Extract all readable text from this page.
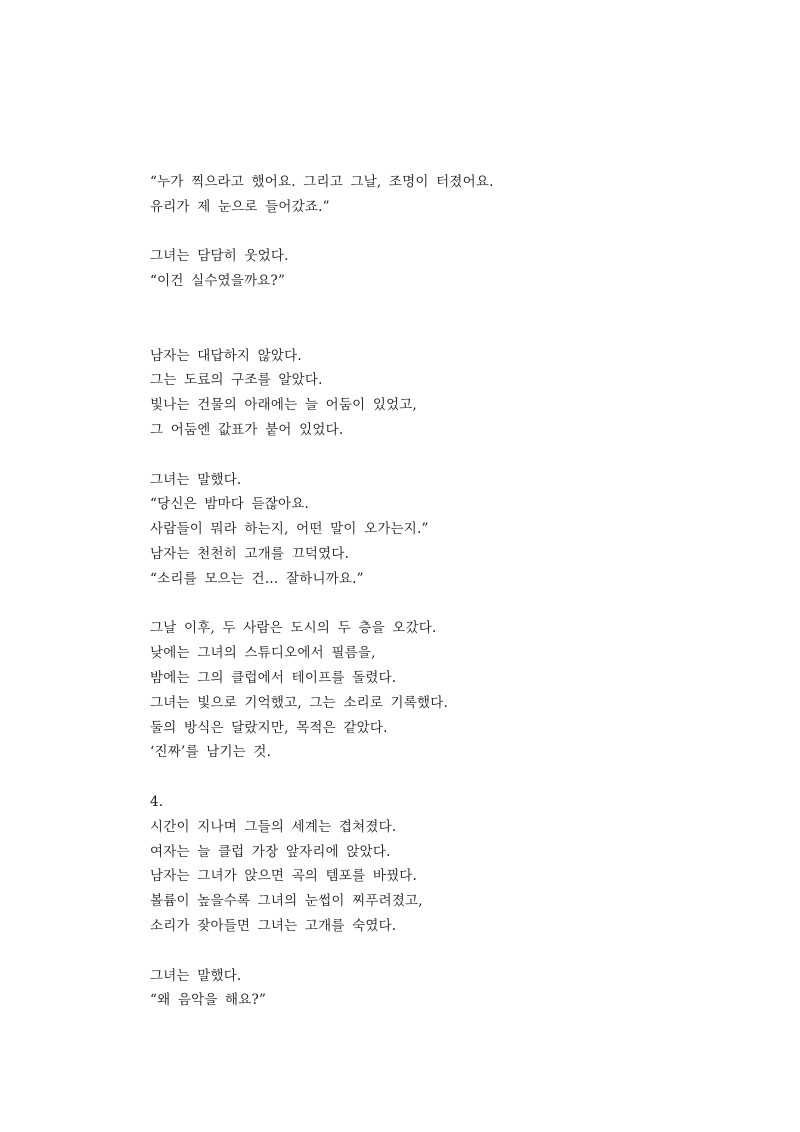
“누가 찍으라고 했어요. 그리고 그날, 조명이 터졌어요.

유리가 제 눈으로 들어갔죠.”

그녀는 담담히 웃었다.

“이건 실수였을까요?”

남자는 대답하지 않았다.

그는 도료의 구조를 알았다.

빛나는 건물의 아래에는 늘 어둠이 있었고,

그 어둠엔 값표가 붙어 있었다.

그녀는 말했다.

“당신은 밤마다 듣잖아요.

사람들이 뭐라 하는지, 어떤 말이 오가는지.”

남자는 천천히 고개를 끄덕였다.

“소리를 모으는 건… 잘하니까요.”

그날 이후, 두 사람은 도시의 두 층을 오갔다.

낮에는 그녀의 스튜디오에서 필름을,

밤에는 그의 클럽에서 테이프를 돌렸다.

그녀는 빛으로 기억했고, 그는 소리로 기록했다.

둘의 방식은 달랐지만, 목적은 같았다.

‘진짜’를 남기는 것.

4.

시간이 지나며 그들의 세계는 겹쳐졌다.

여자는 늘 클럽 가장 앞자리에 앉았다.

남자는 그녀가 앉으면 곡의 템포를 바꿨다.

볼륨이 높을수록 그녀의 눈썹이 찌푸려졌고,

소리가 잦아들면 그녀는 고개를 숙였다.

그녀는 말했다.

“왜 음악을 해요?”
